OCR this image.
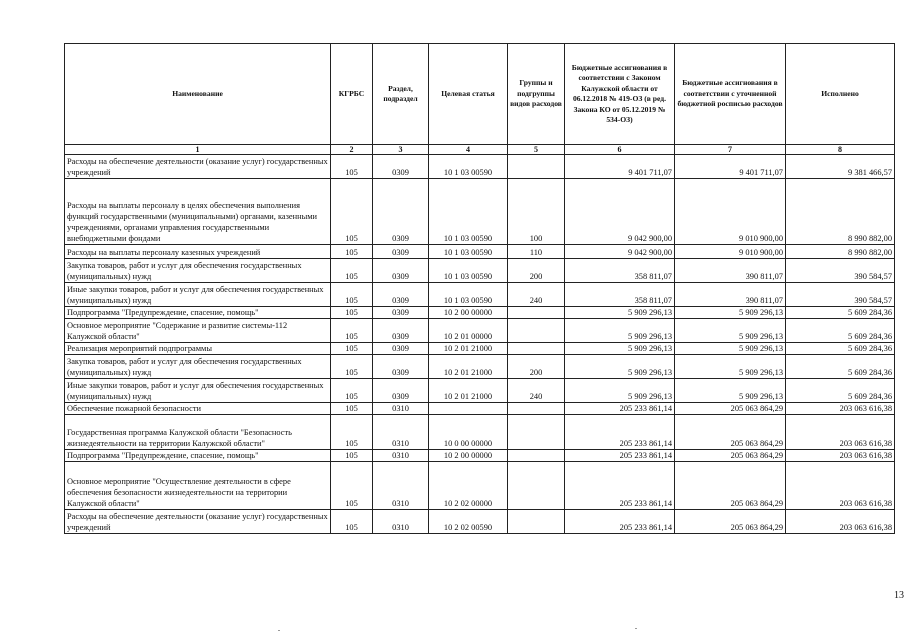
Наименование	КГРБС	Раздел, подраздел	Целевая статья	Группы и подгруппы видов расходов	Бюджетные ассигнования в соответствии с Законом Калужской области от 06.12.2018 № 419-ОЗ (в ред. Закона КО от 05.12.2019 № 534-ОЗ)	Бюджетные ассигнования в соответствии с уточненной бюджетной росписью расходов	Исполнено
1	2	3	4	5	6	7	8
Расходы на обеспечение деятельности (оказание услуг) государственных учреждений	105	0309	10 1 03 00590		9 401 711,07	9 401 711,07	9 381 466,57
Расходы на выплаты персоналу в целях обеспечения выполнения функций государственными (муниципальными) органами, казенными учреждениями, органами управления государственными внебюджетными фондами	105	0309	10 1 03 00590	100	9 042 900,00	9 010 900,00	8 990 882,00
Расходы на выплаты персоналу казенных учреждений	105	0309	10 1 03 00590	110	9 042 900,00	9 010 900,00	8 990 882,00
Закупка товаров, работ и услуг для обеспечения государственных (муниципальных) нужд	105	0309	10 1 03 00590	200	358 811,07	390 811,07	390 584,57
Иные закупки товаров, работ и услуг для обеспечения государственных (муниципальных) нужд	105	0309	10 1 03 00590	240	358 811,07	390 811,07	390 584,57
Подпрограмма "Предупреждение, спасение, помощь"	105	0309	10 2 00 00000		5 909 296,13	5 909 296,13	5 609 284,36
Основное мероприятие "Содержание и развитие системы-112 Калужской области"	105	0309	10 2 01 00000		5 909 296,13	5 909 296,13	5 609 284,36
Реализация мероприятий подпрограммы	105	0309	10 2 01 21000		5 909 296,13	5 909 296,13	5 609 284,36
Закупка товаров, работ и услуг для обеспечения государственных (муниципальных) нужд	105	0309	10 2 01 21000	200	5 909 296,13	5 909 296,13	5 609 284,36
Иные закупки товаров, работ и услуг для обеспечения государственных (муниципальных) нужд	105	0309	10 2 01 21000	240	5 909 296,13	5 909 296,13	5 609 284,36
Обеспечение пожарной безопасности	105	0310			205 233 861,14	205 063 864,29	203 063 616,38
Государственная программа Калужской области "Безопасность жизнедеятельности на территории Калужской области"	105	0310	10 0 00 00000		205 233 861,14	205 063 864,29	203 063 616,38
Подпрограмма "Предупреждение, спасение, помощь"	105	0310	10 2 00 00000		205 233 861,14	205 063 864,29	203 063 616,38
Основное мероприятие "Осуществление деятельности в сфере обеспечения безопасности жизнедеятельности на территории Калужской области"	105	0310	10 2 02 00000		205 233 861,14	205 063 864,29	203 063 616,38
Расходы на обеспечение деятельности (оказание услуг) государственных учреждений	105	0310	10 2 02 00590		205 233 861,14	205 063 864,29	203 063 616,38
13
